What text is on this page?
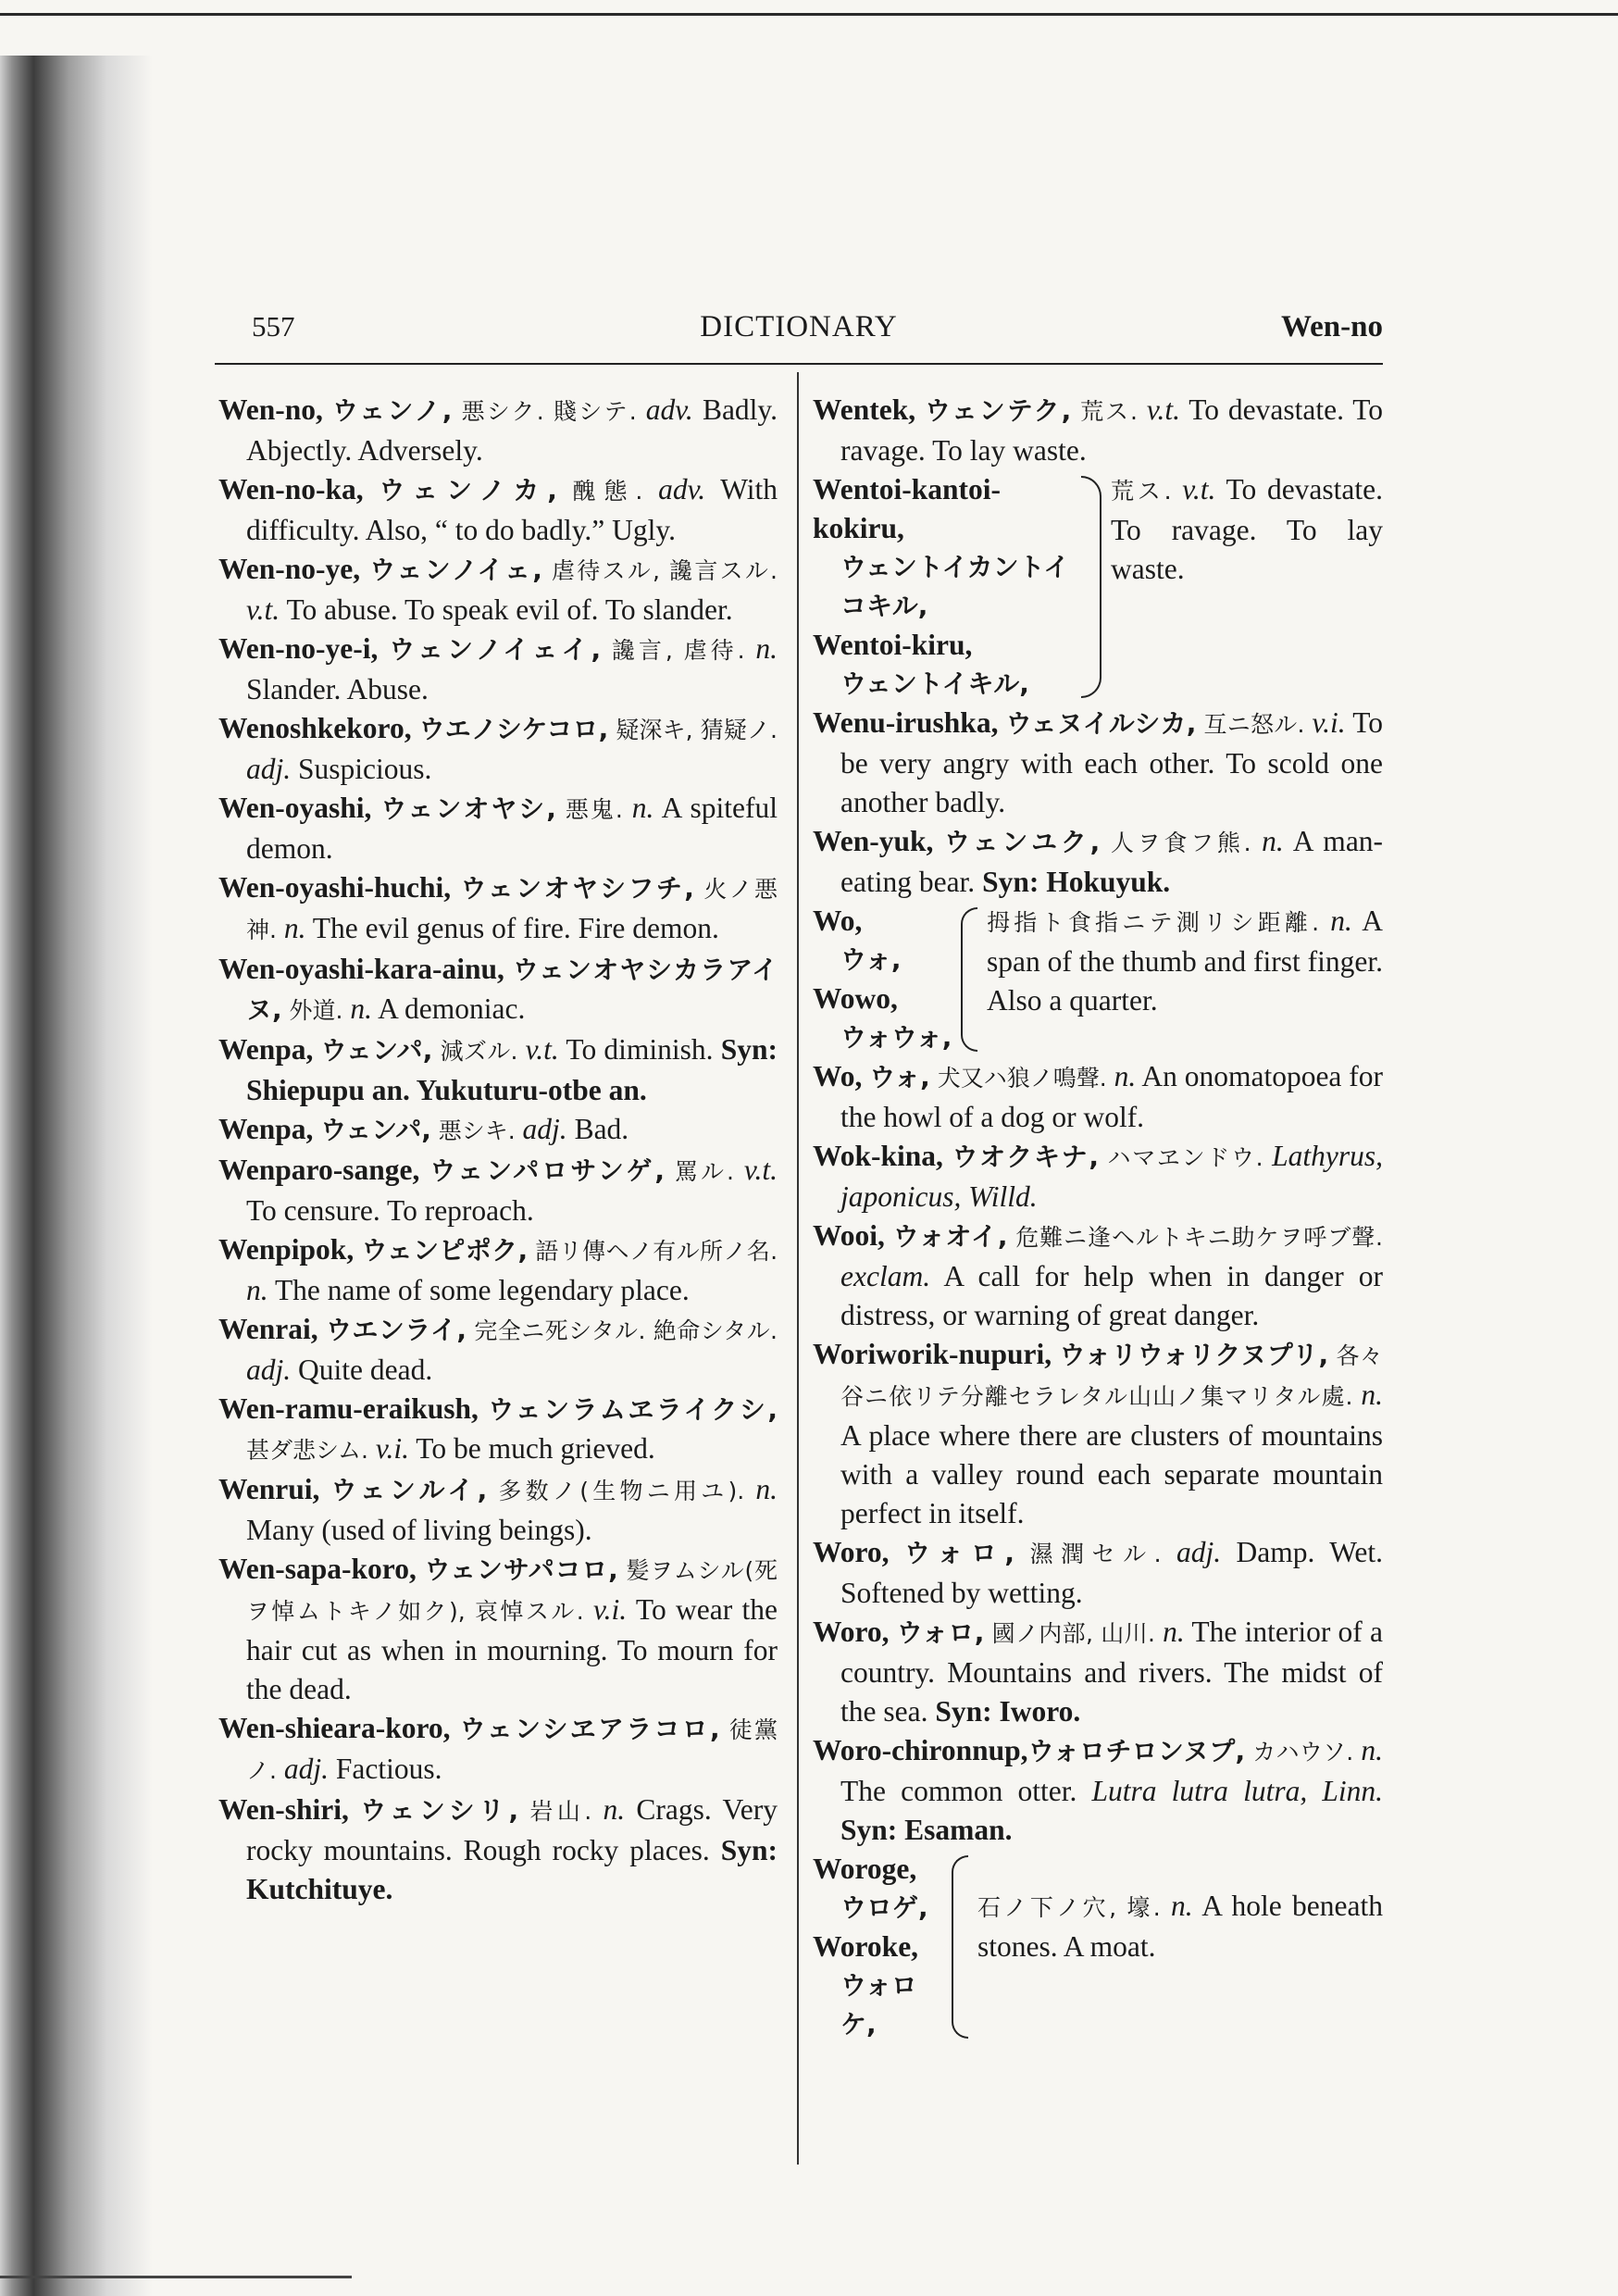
557	DICTIONARY	Wen-no
Wen-no, ウェンノ, 悪シク. 賤シテ. adv. Badly. Abjectly. Adversely.
Wen-no-ka, ウェンノカ, 醜態. adv. With difficulty. Also, “ to do badly.” Ugly.
Wen-no-ye, ウェンノイェ, 虐待スル, 讒言スル. v.t. To abuse. To speak evil of. To slander.
Wen-no-ye-i, ウェンノイェイ, 讒言, 虐待. n. Slander. Abuse.
Wenoshkekoro, ウエノシケコロ, 疑深キ, 猜疑ノ. adj. Suspicious.
Wen-oyashi, ウェンオヤシ, 悪鬼. n. A spiteful demon.
Wen-oyashi-huchi, ウェンオヤシフチ, 火ノ悪神. n. The evil genus of fire. Fire demon.
Wen-oyashi-kara-ainu, ウェンオヤシカラアイヌ, 外道. n. A demoniac.
Wenpa, ウェンパ, 減ズル. v.t. To diminish. Syn: Shiepupu an. Yukuturu-otbe an.
Wenpa, ウェンパ, 悪シキ. adj. Bad.
Wenparo-sange, ウェンパロサンゲ, 罵ル. v.t. To censure. To reproach.
Wenpipok, ウェンピポク, 語リ傳ヘノ有ル所ノ名. n. The name of some legendary place.
Wenrai, ウエンライ, 完全ニ死シタル. 絶命シタル. adj. Quite dead.
Wen-ramu-eraikush, ウェンラムヱライクシ, 甚ダ悲シム. v.i. To be much grieved.
Wenrui, ウェンルイ, 多数ノ(生物ニ用ユ). n. Many (used of living beings).
Wen-sapa-koro, ウェンサパコロ, 髪ヲムシル(死ヲ悼ムトキノ如ク), 哀悼スル. v.i. To wear the hair cut as when in mourning. To mourn for the dead.
Wen-shieara-koro, ウェンシヱアラコロ, 徒黨ノ. adj. Factious.
Wen-shiri, ウェンシリ, 岩山. n. Crags. Very rocky mountains. Rough rocky places. Syn: Kutchituye.
Wentek, ウェンテク, 荒ス. v.t. To devastate. To ravage. To lay waste.
Wentoi-kantoi-kokiru,
ウェントイカントイコキル,
Wentoi-kiru,
ウェントイキル,
荒ス. v.t. To devastate. To ravage. To lay waste.
Wenu-irushka, ウェヌイルシカ, 互ニ怒ル. v.i. To be very angry with each other. To scold one another badly.
Wen-yuk, ウェンユク, 人ヲ食フ熊. n. A man-eating bear. Syn: Hokuyuk.
Wo,
ウォ,
Wowo,
ウォウォ,
拇指ト食指ニテ測リシ距離. n. A span of the thumb and first finger. Also a quarter.
Wo, ウォ, 犬又ハ狼ノ鳴聲. n. An onomatopoea for the howl of a dog or wolf.
Wok-kina, ウオクキナ, ハマヱンドウ. Lathyrus, japonicus, Willd.
Wooi, ウォオイ, 危難ニ逢ヘルトキニ助ケヲ呼ブ聲. exclam. A call for help when in danger or distress, or warning of great danger.
Woriworik-nupuri, ウォリウォリクヌプリ, 各々谷ニ依リテ分離セラレタル山山ノ集マリタル處. n. A place where there are clusters of mountains with a valley round each separate mountain perfect in itself.
Woro, ウォロ, 濕潤セル. adj. Damp. Wet. Softened by wetting.
Woro, ウォロ, 國ノ内部, 山川. n. The interior of a country. Mountains and rivers. The midst of the sea. Syn: Iworo.
Woro-chironnup,ウォロチロンヌプ, カハウソ. n. The common otter. Lutra lutra lutra, Linn. Syn: Esaman.
Woroge,
ウロゲ,
Woroke,
ウォロケ,
石ノ下ノ穴, 壕. n. A hole beneath stones. A moat.
